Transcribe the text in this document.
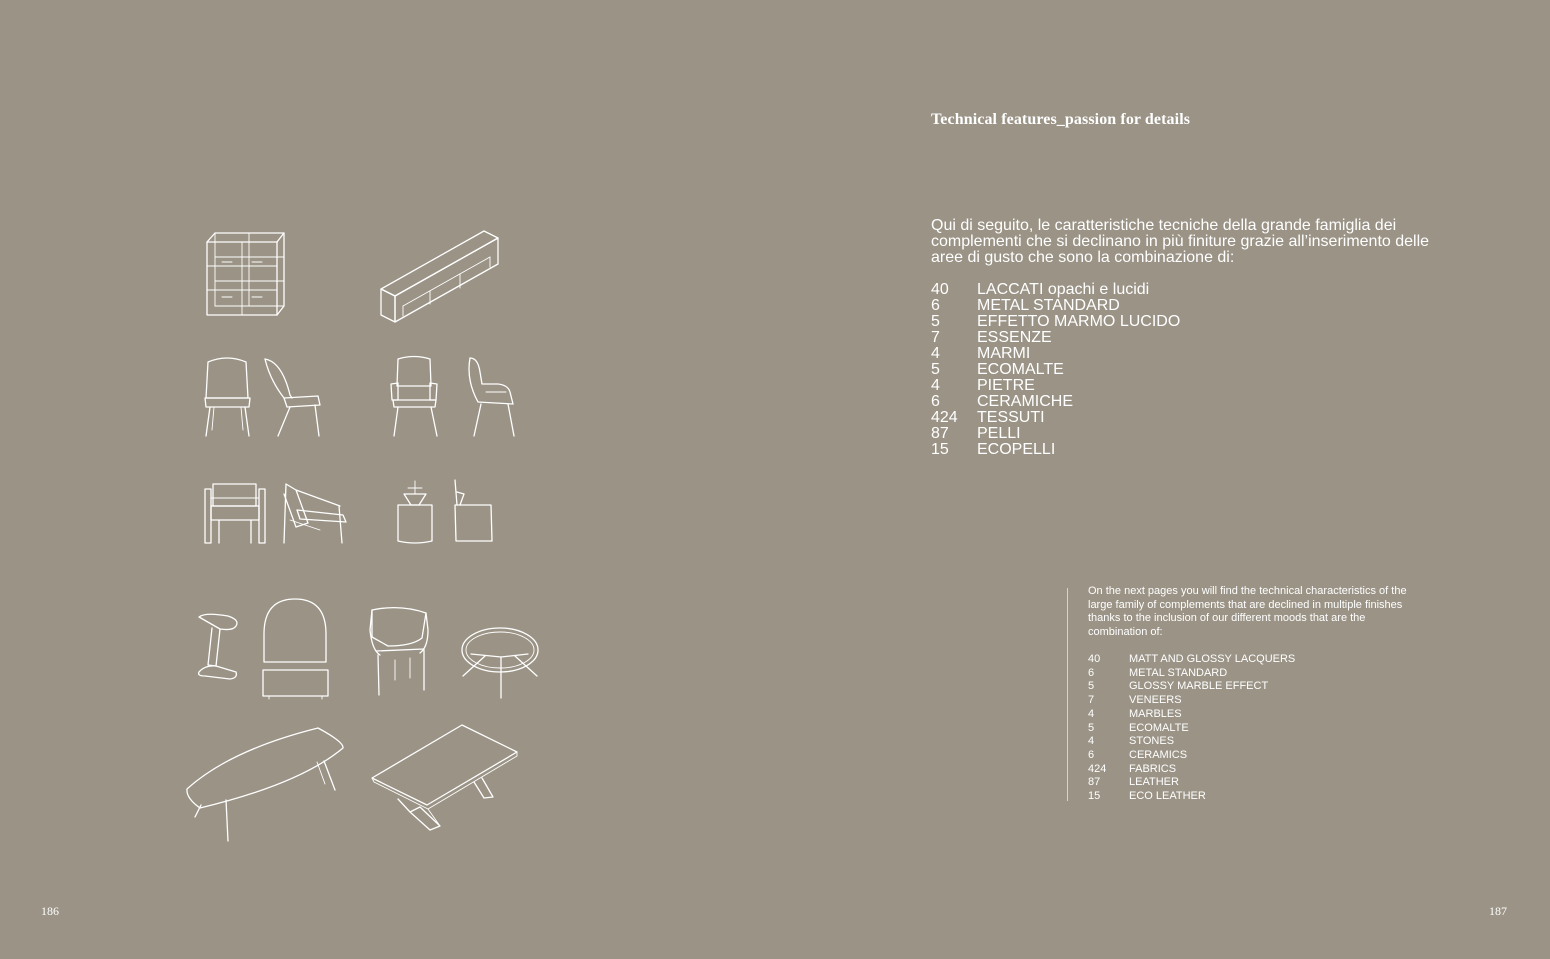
186
Technical features_passion for details
Qui di seguito, le caratteristiche tecniche della grande famiglia dei complementi che si declinano in più finiture grazie all’inserimento delle aree di gusto che sono la combinazione di:
40	LACCATI opachi e lucidi
6	METAL STANDARD
5	EFFETTO MARMO LUCIDO
7	ESSENZE
4	MARMI
5	ECOMALTE
4	PIETRE
6	CERAMICHE
424	TESSUTI
87	PELLI
15	ECOPELLI
On the next pages you will find the technical characteristics of the large family of complements that are declined in multiple finishes thanks to the inclusion of our different moods that are the combination of:
40	MATT AND GLOSSY LACQUERS
6	METAL STANDARD
5	GLOSSY MARBLE EFFECT
7	VENEERS
4	MARBLES
5	ECOMALTE
4	STONES
6	CERAMICS
424	FABRICS
87	LEATHER
15	ECO LEATHER
187
